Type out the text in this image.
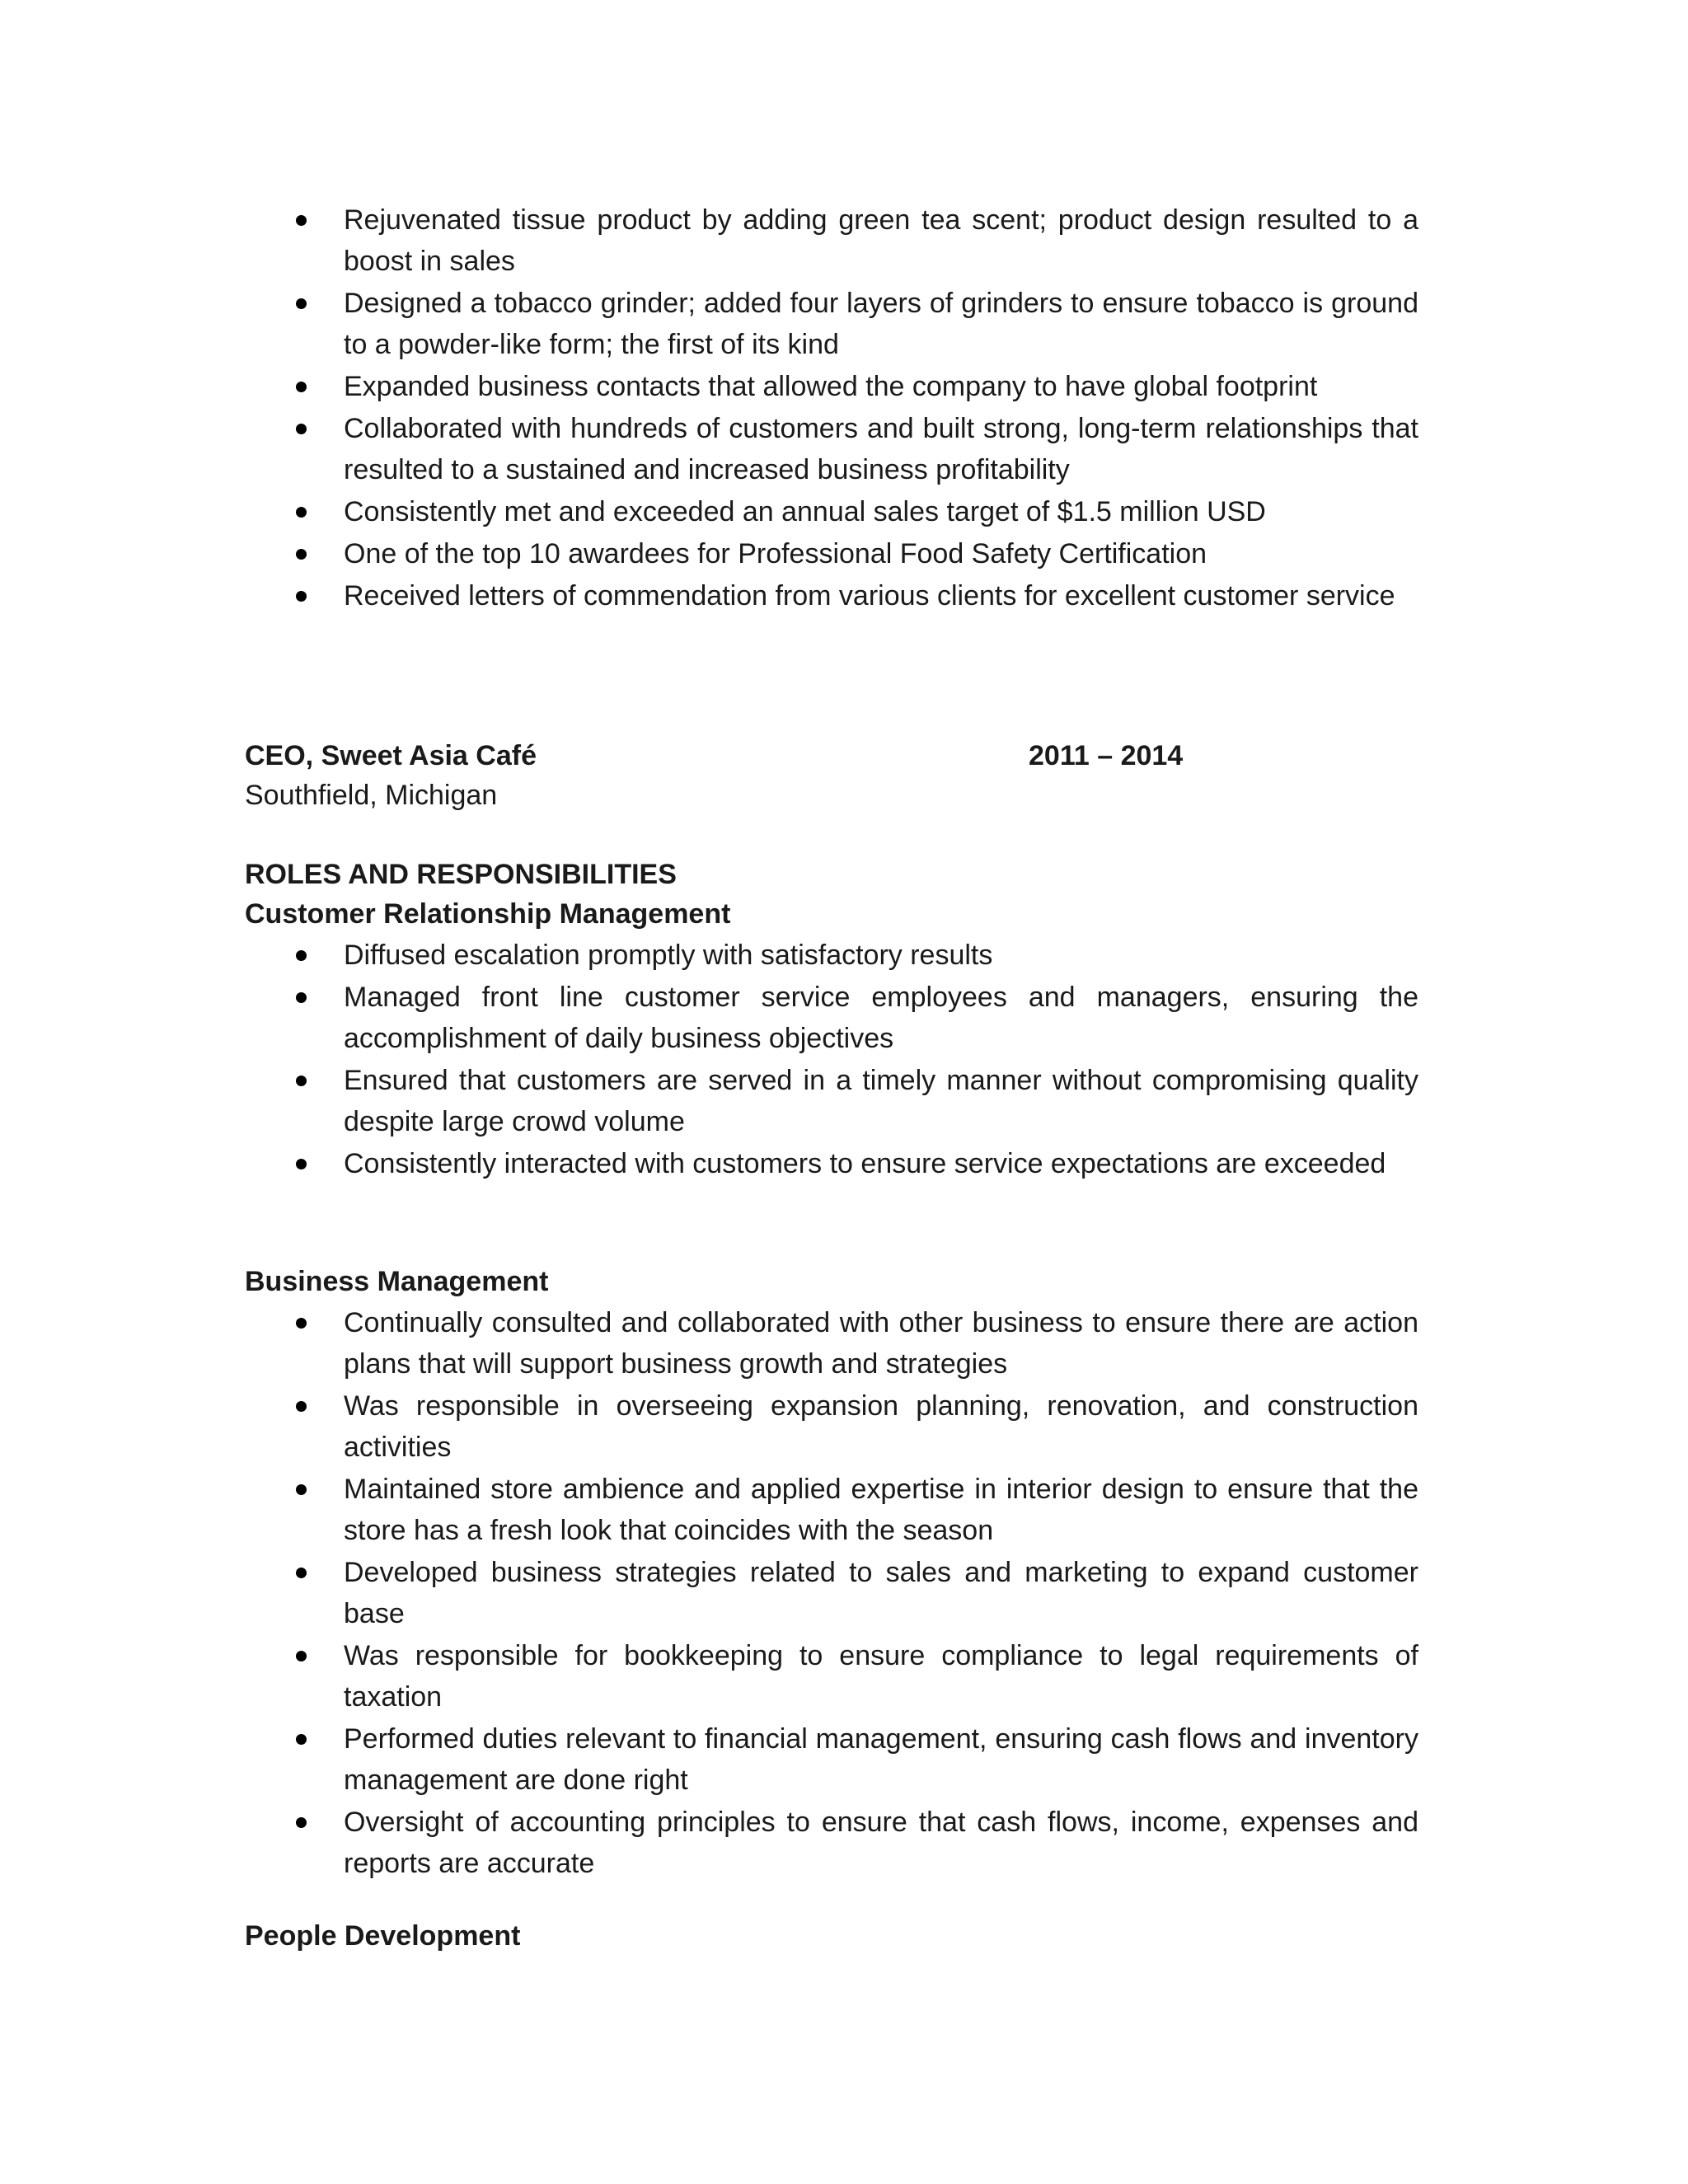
Rejuvenated tissue product by adding green tea scent; product design resulted to a boost in sales
Designed a tobacco grinder; added four layers of grinders to ensure tobacco is ground to a powder-like form; the first of its kind
Expanded business contacts that allowed the company to have global footprint
Collaborated with hundreds of customers and built strong, long-term relationships that resulted to a sustained and increased business profitability
Consistently met and exceeded an annual sales target of $1.5 million USD
One of the top 10 awardees for Professional Food Safety Certification
Received letters of commendation from various clients for excellent customer service
CEO, Sweet Asia Café	2011 – 2014
Southfield, Michigan
ROLES AND RESPONSIBILITIES
Customer Relationship Management
Diffused escalation promptly with satisfactory results
Managed front line customer service employees and managers, ensuring the accomplishment of daily business objectives
Ensured that customers are served in a timely manner without compromising quality despite large crowd volume
Consistently interacted with customers to ensure service expectations are exceeded
Business Management
Continually consulted and collaborated with other business to ensure there are action plans that will support business growth and strategies
Was responsible in overseeing expansion planning, renovation, and construction activities
Maintained store ambience and applied expertise in interior design to ensure that the store has a fresh look that coincides with the season
Developed business strategies related to sales and marketing to expand customer base
Was responsible for bookkeeping to ensure compliance to legal requirements of taxation
Performed duties relevant to financial management, ensuring cash flows and inventory management are done right
Oversight of accounting principles to ensure that cash flows, income, expenses and reports are accurate
People Development
